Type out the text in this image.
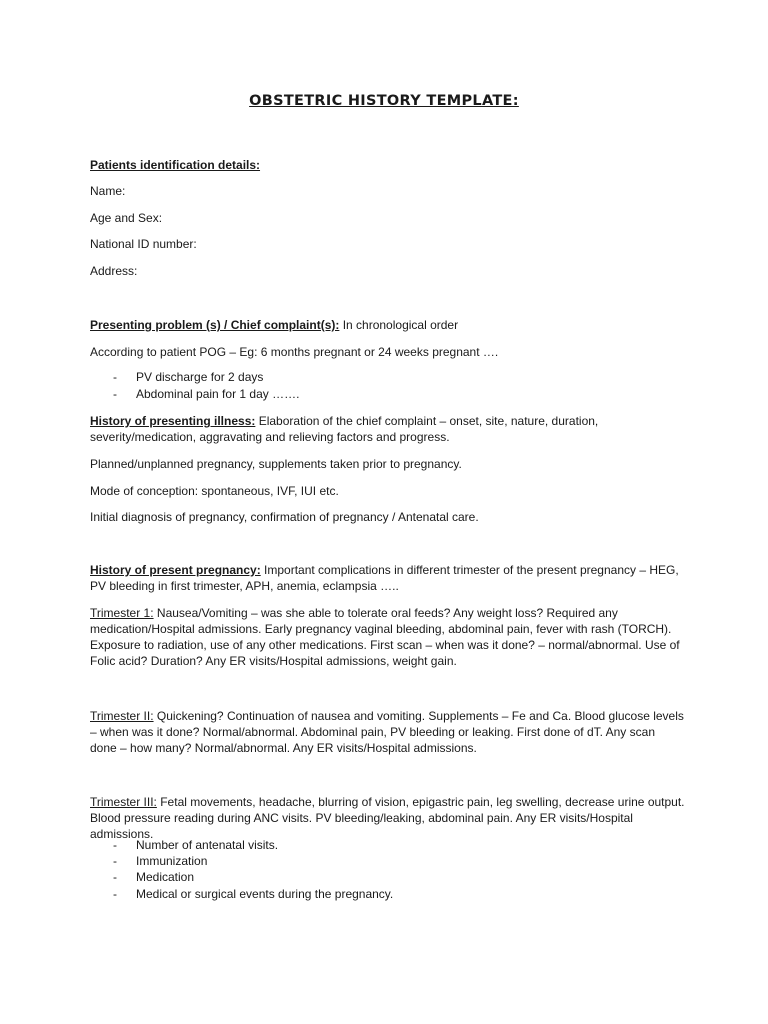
OBSTETRIC HISTORY TEMPLATE:
Patients identification details:
Name:
Age and Sex:
National ID number:
Address:
Presenting problem (s) / Chief complaint(s): In chronological order
According to patient POG – Eg: 6 months pregnant or 24 weeks pregnant ….
- PV discharge for 2 days
- Abdominal pain for 1 day …….
History of presenting illness: Elaboration of the chief complaint – onset, site, nature, duration, severity/medication, aggravating and relieving factors and progress.
Planned/unplanned pregnancy, supplements taken prior to pregnancy.
Mode of conception: spontaneous, IVF, IUI etc.
Initial diagnosis of pregnancy, confirmation of pregnancy / Antenatal care.
History of present pregnancy: Important complications in different trimester of the present pregnancy – HEG, PV bleeding in first trimester, APH, anemia, eclampsia …..
Trimester 1: Nausea/Vomiting – was she able to tolerate oral feeds? Any weight loss? Required any medication/Hospital admissions. Early pregnancy vaginal bleeding, abdominal pain, fever with rash (TORCH). Exposure to radiation, use of any other medications. First scan – when was it done? – normal/abnormal. Use of Folic acid? Duration? Any ER visits/Hospital admissions, weight gain.
Trimester II: Quickening? Continuation of nausea and vomiting. Supplements – Fe and Ca. Blood glucose levels – when was it done? Normal/abnormal. Abdominal pain, PV bleeding or leaking. First done of dT. Any scan done – how many? Normal/abnormal. Any ER visits/Hospital admissions.
Trimester III: Fetal movements, headache, blurring of vision, epigastric pain, leg swelling, decrease urine output. Blood pressure reading during ANC visits. PV bleeding/leaking, abdominal pain. Any ER visits/Hospital admissions.
- Number of antenatal visits.
- Immunization
- Medication
- Medical or surgical events during the pregnancy.
